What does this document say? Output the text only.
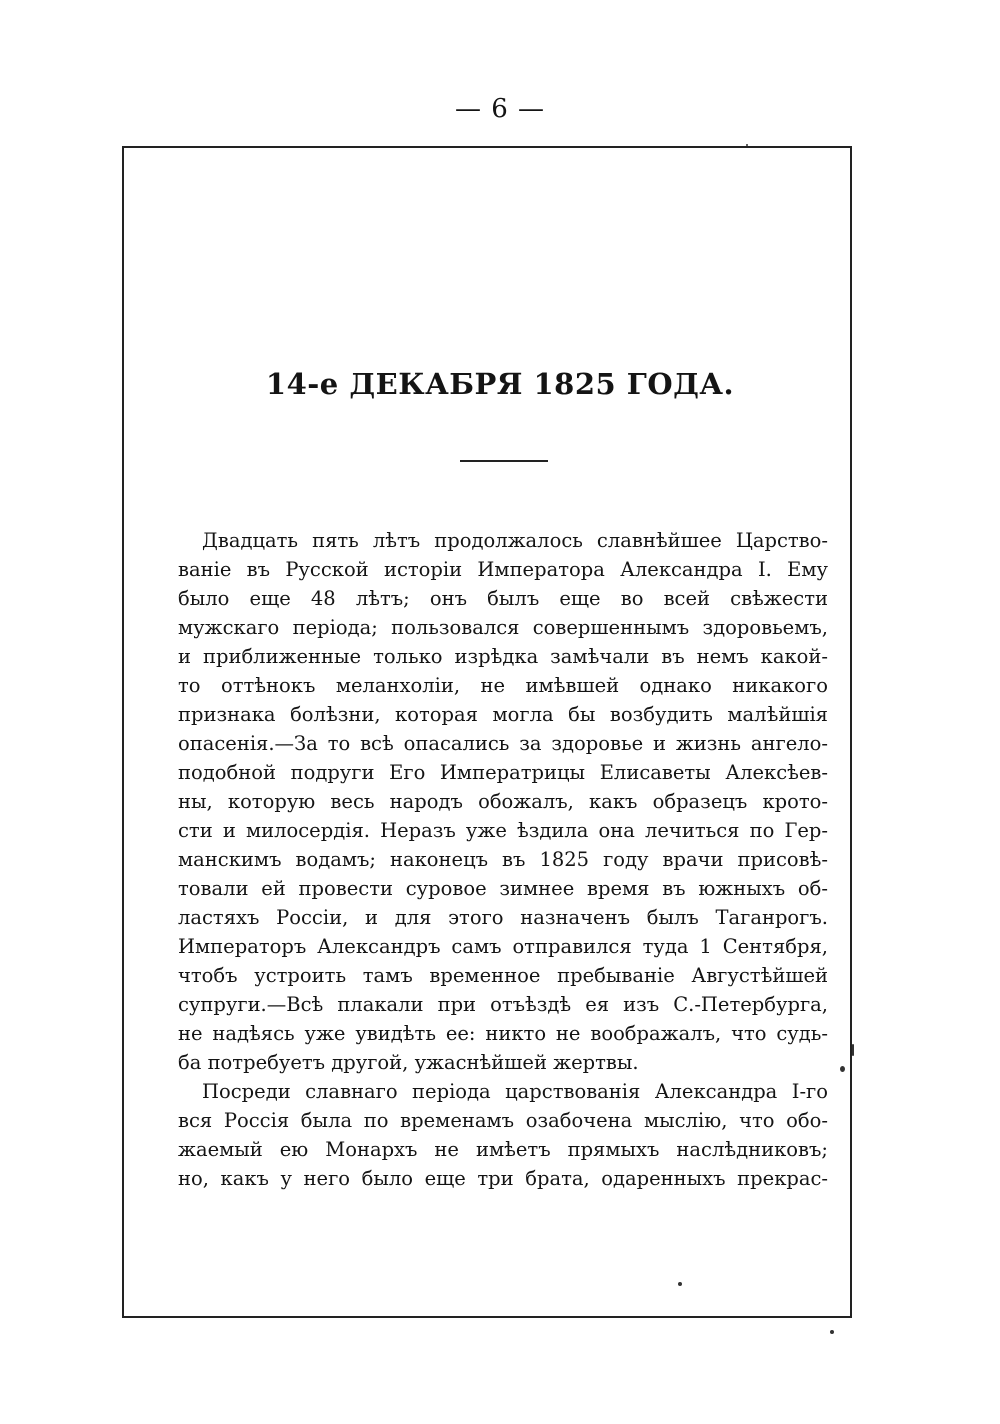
— 6 —
14-е ДЕКАБРЯ 1825 ГОДА.
Двадцать пять лѣтъ продолжалось славнѣйшее Царство-
ваніе въ Русской исторіи Императора Александра I. Ему
было еще 48 лѣтъ; онъ былъ еще во всей свѣжести
мужскаго періода; пользовался совершеннымъ здоровьемъ,
и приближенные только изрѣдка замѣчали въ немъ какой-
то оттѣнокъ меланхоліи, не имѣвшей однако никакого
признака болѣзни, которая могла бы возбудить малѣйшія
опасенія.—За то всѣ опасались за здоровье и жизнь ангело-
подобной подруги Его Императрицы Елисаветы Алексѣев-
ны, которую весь народъ обожалъ, какъ образецъ крото-
сти и милосердія. Неразъ уже ѣздила она лечиться по Гер-
манскимъ водамъ; наконецъ въ 1825 году врачи присовѣ-
товали ей провести суровое зимнее время въ южныхъ об-
ластяхъ Россіи, и для этого назначенъ былъ Таганрогъ.
Императоръ Александръ самъ отправился туда 1 Сентября,
чтобъ устроить тамъ временное пребываніе Августѣйшей
супруги.—Всѣ плакали при отъѣздѣ ея изъ С.-Петербурга,
не надѣясь уже увидѣть ее: никто не воображалъ, что судь-
ба потребуетъ другой, ужаснѣйшей жертвы.
Посреди славнаго періода царствованія Александра I-го
вся Россія была по временамъ озабочена мыслію, что обо-
жаемый ею Монархъ не имѣетъ прямыхъ наслѣдниковъ;
но, какъ у него было еще три брата, одаренныхъ прекрас-
